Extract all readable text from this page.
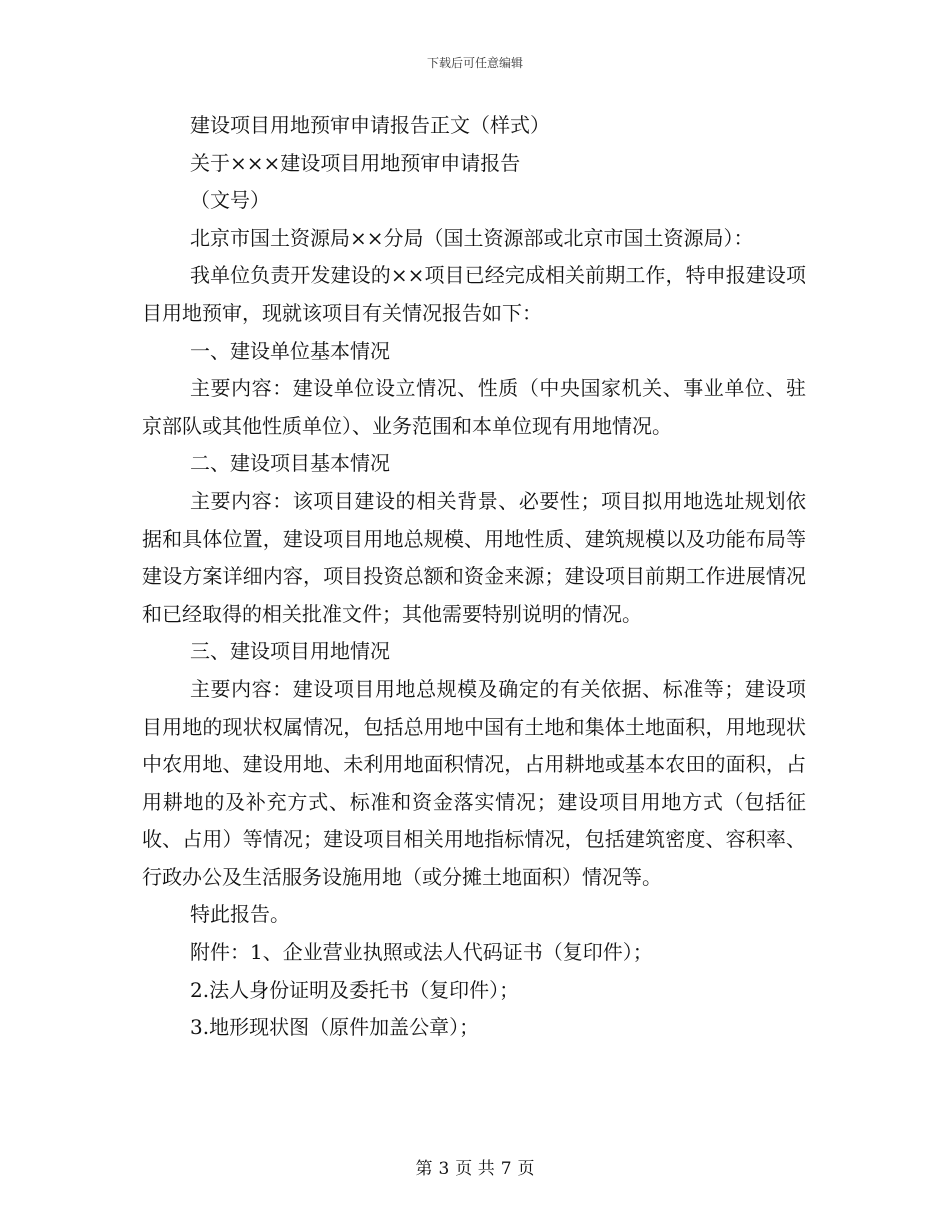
下载后可任意编辑

建设项目用地预审申请报告正文（样式）

关于×××建设项目用地预审申请报告

（文号）

北京市国土资源局××分局（国土资源部或北京市国土资源局）：

我单位负责开发建设的××项目已经完成相关前期工作，特申报建设项目用地预审，现就该项目有关情况报告如下：

一、建设单位基本情况

主要内容：建设单位设立情况、性质（中央国家机关、事业单位、驻京部队或其他性质单位）、业务范围和本单位现有用地情况。

二、建设项目基本情况

主要内容：该项目建设的相关背景、必要性；项目拟用地选址规划依据和具体位置，建设项目用地总规模、用地性质、建筑规模以及功能布局等建设方案详细内容，项目投资总额和资金来源；建设项目前期工作进展情况和已经取得的相关批准文件；其他需要特别说明的情况。

三、建设项目用地情况

主要内容：建设项目用地总规模及确定的有关依据、标准等；建设项目用地的现状权属情况，包括总用地中国有土地和集体土地面积，用地现状中农用地、建设用地、未利用地面积情况，占用耕地或基本农田的面积，占用耕地的及补充方式、标准和资金落实情况；建设项目用地方式（包括征收、占用）等情况；建设项目相关用地指标情况，包括建筑密度、容积率、行政办公及生活服务设施用地（或分摊土地面积）情况等。

特此报告。

附件：1、企业营业执照或法人代码证书（复印件）；

2.法人身份证明及委托书（复印件）；

3.地形现状图（原件加盖公章）；

第 3 页 共 7 页
